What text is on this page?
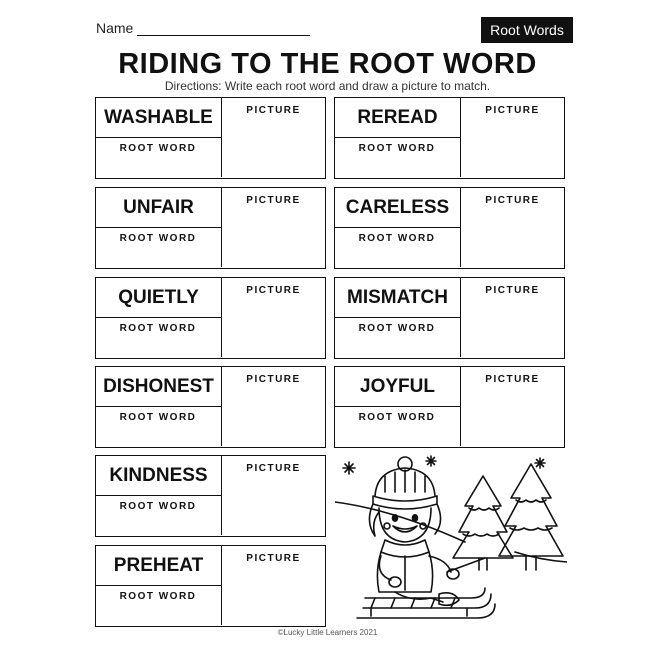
Name	Root Words
RIDING TO THE ROOT WORD
Directions: Write each root word and draw a picture to match.
WASHABLE
ROOT WORD
PICTURE	REREAD
ROOT WORD
PICTURE
UNFAIR
ROOT WORD
PICTURE	CARELESS
ROOT WORD
PICTURE
QUIETLY
ROOT WORD
PICTURE	MISMATCH
ROOT WORD
PICTURE
DISHONEST
ROOT WORD
PICTURE	JOYFUL
ROOT WORD
PICTURE
KINDNESS
ROOT WORD
PICTURE
PREHEAT
ROOT WORD
PICTURE
©Lucky Little Learners 2021
